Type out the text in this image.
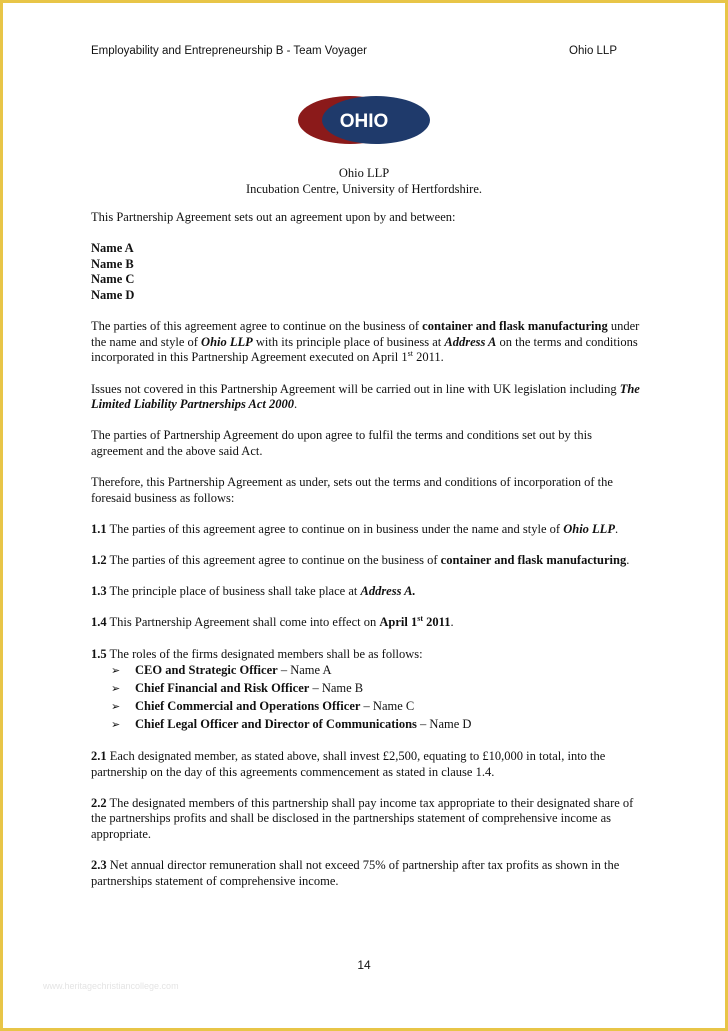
Employability and Entrepreneurship B - Team Voyager	Ohio LLP
OHIO
Ohio LLP
Incubation Centre, University of Hertfordshire.

This Partnership Agreement sets out an agreement upon by and between:

Name A
Name B
Name C
Name D

The parties of this agreement agree to continue on the business of container and flask manufacturing under the name and style of Ohio LLP with its principle place of business at Address A on the terms and conditions incorporated in this Partnership Agreement executed on April 1st 2011.

Issues not covered in this Partnership Agreement will be carried out in line with UK legislation including The Limited Liability Partnerships Act 2000.

The parties of Partnership Agreement do upon agree to fulfil the terms and conditions set out by this agreement and the above said Act.

Therefore, this Partnership Agreement as under, sets out the terms and conditions of incorporation of the foresaid business as follows:

1.1 The parties of this agreement agree to continue on in business under the name and style of Ohio LLP.

1.2 The parties of this agreement agree to continue on the business of container and flask manufacturing.

1.3 The principle place of business shall take place at Address A.

1.4 This Partnership Agreement shall come into effect on April 1st 2011.

1.5 The roles of the firms designated members shall be as follows:
➢	CEO and Strategic Officer – Name A
➢	Chief Financial and Risk Officer – Name B
➢	Chief Commercial and Operations Officer – Name C
➢	Chief Legal Officer and Director of Communications – Name D

2.1 Each designated member, as stated above, shall invest £2,500, equating to £10,000 in total, into the partnership on the day of this agreements commencement as stated in clause 1.4.

2.2 The designated members of this partnership shall pay income tax appropriate to their designated share of the partnerships profits and shall be disclosed in the partnerships statement of comprehensive income as appropriate.

2.3 Net annual director remuneration shall not exceed 75% of partnership after tax profits as shown in the partnerships statement of comprehensive income.

14
www.heritagechristiancollege.com
